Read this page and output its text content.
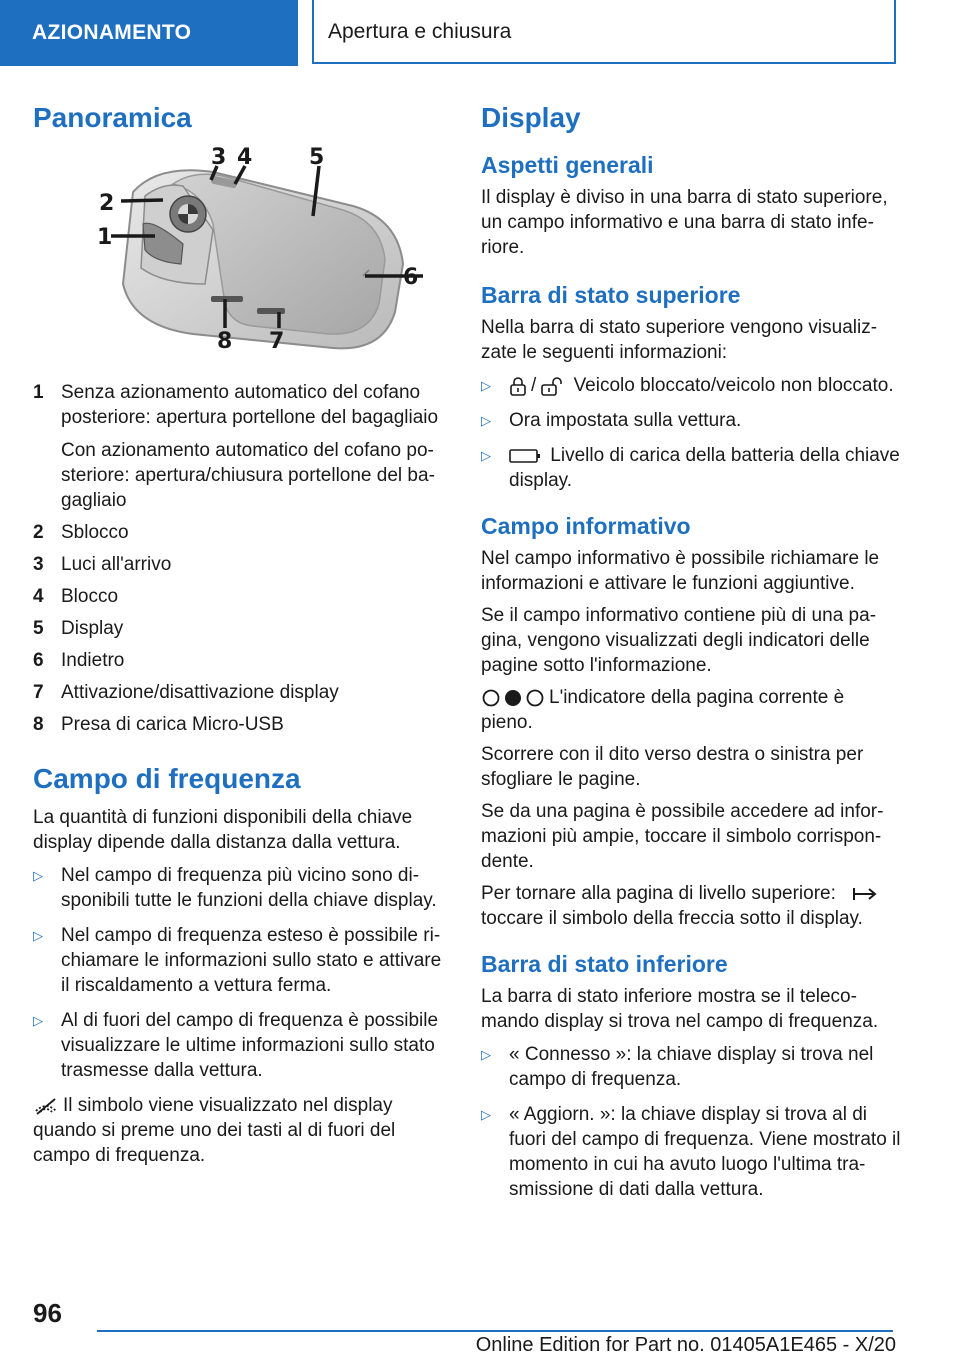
AZIONAMENTO	Apertura e chiusura
Panoramica
3 4	5
2
1
6
8 7
1 Senza azionamento automatico del cofano posteriore: apertura portellone del bagagliaio

Con azionamento automatico del cofano posteriore: apertura/chiusura portellone del bagagliaio

2 Sblocco
3 Luci all'arrivo
4 Blocco
5 Display
6 Indietro
7 Attivazione/disattivazione display
8 Presa di carica Micro-USB
Campo di frequenza

La quantità di funzioni disponibili della chiave display dipende dalla distanza dalla vettura.

▷ Nel campo di frequenza più vicino sono disponibili tutte le funzioni della chiave display.
▷ Nel campo di frequenza esteso è possibile richiamare le informazioni sullo stato e attivare il riscaldamento a vettura ferma.
▷ Al di fuori del campo di frequenza è possibile visualizzare le ultime informazioni sullo stato trasmesse dalla vettura.

Il simbolo viene visualizzato nel display quando si preme uno dei tasti al di fuori del campo di frequenza.

Display
Aspetti generali

Il display è diviso in una barra di stato superiore, un campo informativo e una barra di stato inferiore.

Barra di stato superiore

Nella barra di stato superiore vengono visualizzate le seguenti informazioni:

▷	/ Veicolo bloccato/veicolo non bloccato.
▷ Ora impostata sulla vettura.
▷	Livello di carica della batteria della chiave display.
Campo informativo

Nel campo informativo è possibile richiamare le informazioni e attivare le funzioni aggiuntive.

Se il campo informativo contiene più di una pagina, vengono visualizzati degli indicatori delle pagine sotto l'informazione.

L'indicatore della pagina corrente è pieno.

Scorrere con il dito verso destra o sinistra per sfogliare le pagine.

Se da una pagina è possibile accedere ad informazioni più ampie, toccare il simbolo corrispondente.

Per tornare alla pagina di livello superiore:
toccare il simbolo della freccia sotto il display.

Barra di stato inferiore

La barra di stato inferiore mostra se il telecomando display si trova nel campo di frequenza.

▷ « Connesso »: la chiave display si trova nel campo di frequenza.
▷ « Aggiorn. »: la chiave display si trova al di fuori del campo di frequenza. Viene mostrato il momento in cui ha avuto luogo l'ultima trasmissione di dati dalla vettura.
96
Online Edition for Part no. 01405A1E465 - X/20
